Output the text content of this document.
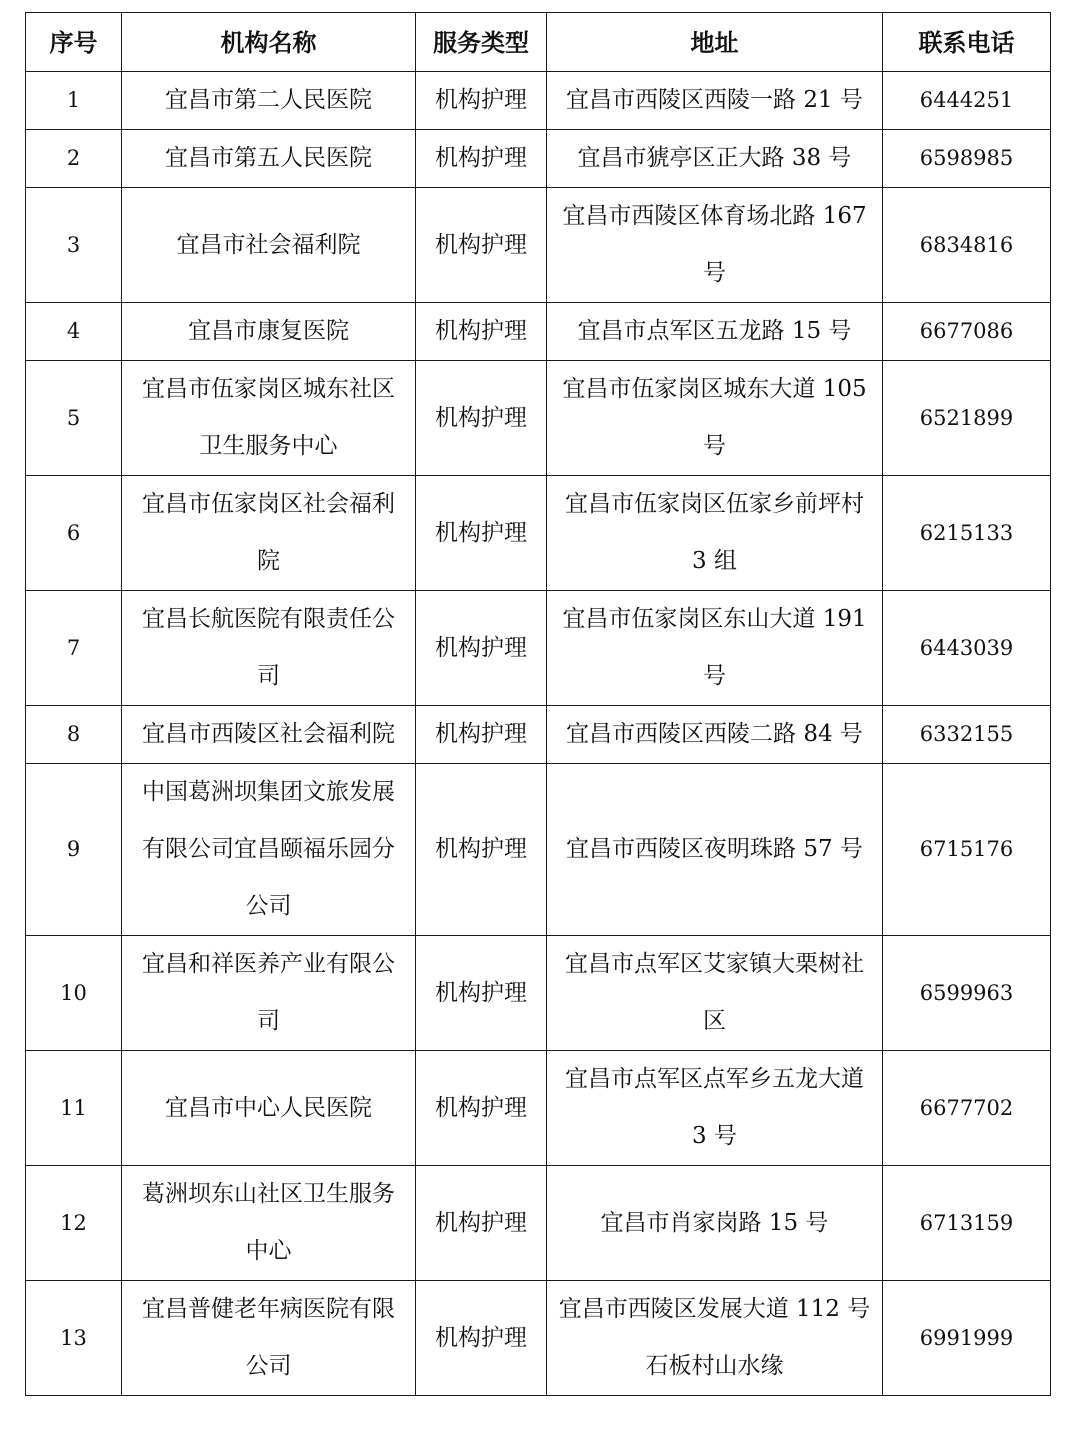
序号	机构名称	服务类型	地址	联系电话
1	宜昌市第二人民医院	机构护理	宜昌市西陵区西陵一路 21 号	6444251
2	宜昌市第五人民医院	机构护理	宜昌市猇亭区正大路 38 号	6598985
3	宜昌市社会福利院	机构护理	宜昌市西陵区体育场北路 167 号	6834816
4	宜昌市康复医院	机构护理	宜昌市点军区五龙路 15 号	6677086
5	宜昌市伍家岗区城东社区卫生服务中心	机构护理	宜昌市伍家岗区城东大道 105 号	6521899
6	宜昌市伍家岗区社会福利院	机构护理	宜昌市伍家岗区伍家乡前坪村 3 组	6215133
7	宜昌长航医院有限责任公司	机构护理	宜昌市伍家岗区东山大道 191 号	6443039
8	宜昌市西陵区社会福利院	机构护理	宜昌市西陵区西陵二路 84 号	6332155
9	中国葛洲坝集团文旅发展有限公司宜昌颐福乐园分公司	机构护理	宜昌市西陵区夜明珠路 57 号	6715176
10	宜昌和祥医养产业有限公司	机构护理	宜昌市点军区艾家镇大栗树社区	6599963
11	宜昌市中心人民医院	机构护理	宜昌市点军区点军乡五龙大道 3 号	6677702
12	葛洲坝东山社区卫生服务中心	机构护理	宜昌市肖家岗路 15 号	6713159
13	宜昌普健老年病医院有限公司	机构护理	宜昌市西陵区发展大道 112 号石板村山水缘	6991999
